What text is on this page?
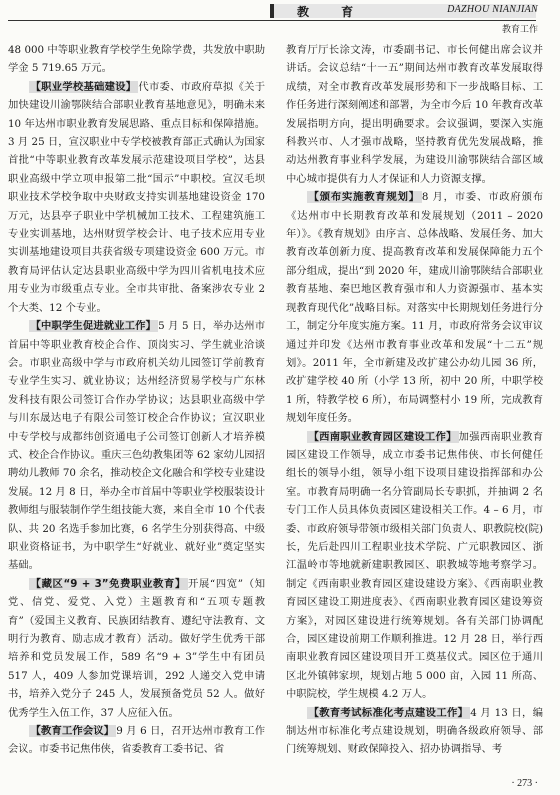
教 育	DAZHOU NIANJIAN
教育工作

48 000 中等职业教育学校学生免除学费，共发放中职助学金 5 719.65 万元。

【职业学校基础建设】 代市委、市政府草拟《关于加快建设川渝鄂陕结合部职业教育基地意见》，明确未来 10 年达州市职业教育发展思路、重点目标和保障措施。3 月 25 日，宣汉职业中专学校被教育部正式确认为国家首批“中等职业教育改革发展示范建设项目学校”，达县职业高级中学立项申报第二批“国示”中职校。宣汉毛坝职业技术学校争取中央财政支持实训基地建设资金 170 万元，达县亭子职业中学机械加工技术、工程建筑施工专业实训基地，达州财贸学校会计、电子技术应用专业实训基地建设项目共获省级专项建设资金 600 万元。市教育局评估认定达县职业高级中学为四川省机电技术应用专业为市级重点专业。全市共审批、备案涉农专业 2 个大类、12 个专业。

【中职学生促进就业工作】 5 月 5 日，举办达州市首届中等职业教育校企合作、顶岗实习、学生就业洽谈会。市职业高级中学与市政府机关幼儿园签订学前教育专业学生实习、就业协议；达州经济贸易学校与广东林发科技有限公司签订合作办学协议；达县职业高级中学与川东晟达电子有限公司签订校企合作协议；宣汉职业中专学校与成都纬创资通电子公司签订创新人才培养模式、校企合作协议。重庆三色幼教集团等 62 家幼儿园招聘幼儿教师 70 余名，推动校企文化融合和学校专业建设发展。12 月 8 日，举办全市首届中等职业学校服装设计教师组与服装制作学生组技能大赛，来自全市 10 个代表队、共 20 名选手参加比赛，6 名学生分别获得高、中级职业资格证书，为中职学生“好就业、就好业”奠定坚实基础。

【藏区“9 + 3”免费职业教育】 开展“四宽”（知党、信党、爱党、入党）主题教育和“五项专题教育”（爱国主义教育、民族团结教育、遵纪守法教育、文明行为教育、励志成才教育）活动。做好学生优秀干部培养和党员发展工作，589 名“9 + 3”学生中有团员 517 人，409 人参加党课培训，292 人递交入党申请书，培养入党分子 245 人，发展预备党员 52 人。做好优秀学生入伍工作，37 人应征入伍。

【教育工作会议】 9 月 6 日，召开达州市教育工作会议。市委书记焦伟侠，省委教育工委书记、省

教育厅厅长涂文涛，市委副书记、市长何健出席会议并讲话。会议总结“十一五”期间达州市教育改革发展取得成绩，对全市教育改革发展形势和下一步战略目标、工作任务进行深刻阐述和部署，为全市今后 10 年教育改革发展指明方向，提出明确要求。会议强调，要深入实施科教兴市、人才强市战略，坚持教育优先发展战略，推动达州教育事业科学发展，为建设川渝鄂陕结合部区域中心城市提供有力人才保证和人力资源支撑。

【颁布实施教育规划】 8 月，市委、市政府颁布《达州市中长期教育改革和发展规划（2011 – 2020 年）》。《教育规划》由序言、总体战略、发展任务、加大教育改革创新力度、提高教育改革和发展保障能力五个部分组成，提出“到 2020 年，建成川渝鄂陕结合部职业教育基地、秦巴地区教育强市和人力资源强市、基本实现教育现代化”战略目标。对落实中长期规划任务进行分工，制定分年度实施方案。11 月，市政府常务会议审议通过并印发《达州市教育事业改革和发展“十二五”规划》。2011 年，全市新建及改扩建公办幼儿园 36 所，改扩建学校 40 所（小学 13 所，初中 20 所，中职学校 1 所，特教学校 6 所），布局调整村小 19 所，完成教育规划年度任务。

【西南职业教育园区建设工作】 加强西南职业教育园区建设工作领导，成立市委书记焦伟侠、市长何健任组长的领导小组，领导小组下设项目建设指挥部和办公室。市教育局明确一名分管副局长专职抓，并抽调 2 名专门工作人员具体负责园区建设相关工作。4 – 6 月，市委、市政府领导带领市级相关部门负责人、职教院校(院)长，先后赴四川工程职业技术学院、广元职教园区、浙江温岭市等地就新建职教园区、职教城等地考察学习。制定《西南职业教育园区建设建设方案》、《西南职业教育园区建设工期进度表》、《西南职业教育园区建设筹资方案》，对园区建设进行统筹规划。各有关部门协调配合，园区建设前期工作顺利推进。12 月 28 日，举行西南职业教育园区建设项目开工奠基仪式。园区位于通川区北外镇韩家坝，规划占地 5 000 亩，入园 11 所高、中职院校，学生规模 4.2 万人。

【教育考试标准化考点建设工作】 4 月 13 日，编制达州市标准化考点建设规划，明确各级政府领导、部门统筹规划、财政保障投入、招办协调指导、考

· 273 ·
